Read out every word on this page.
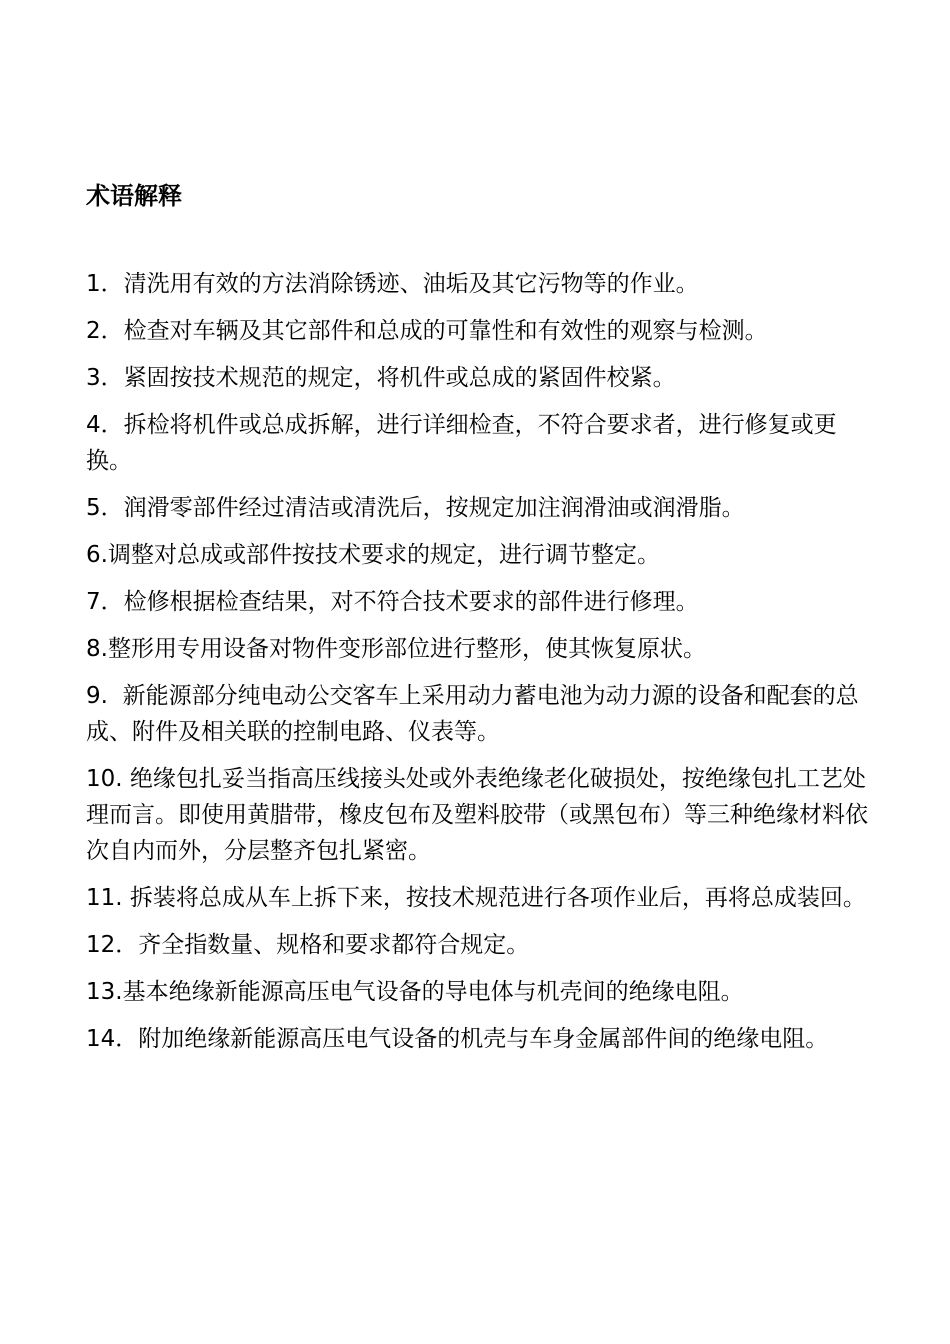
术语解释
1．清洗用有效的方法消除锈迹、油垢及其它污物等的作业。
2．检查对车辆及其它部件和总成的可靠性和有效性的观察与检测。
3．紧固按技术规范的规定，将机件或总成的紧固件校紧。
4．拆检将机件或总成拆解，进行详细检查，不符合要求者，进行修复或更换。
5．润滑零部件经过清洁或清洗后，按规定加注润滑油或润滑脂。
6.调整对总成或部件按技术要求的规定，进行调节整定。
7．检修根据检查结果，对不符合技术要求的部件进行修理。
8.整形用专用设备对物件变形部位进行整形，使其恢复原状。
9.  新能源部分纯电动公交客车上采用动力蓄电池为动力源的设备和配套的总成、附件及相关联的控制电路、仪表等。
10. 绝缘包扎妥当指高压线接头处或外表绝缘老化破损处，按绝缘包扎工艺处理而言。即使用黄腊带，橡皮包布及塑料胶带（或黑包布）等三种绝缘材料依次自内而外，分层整齐包扎紧密。
11. 拆装将总成从车上拆下来，按技术规范进行各项作业后，再将总成装回。
12．齐全指数量、规格和要求都符合规定。
13.基本绝缘新能源高压电气设备的导电体与机壳间的绝缘电阻。
14．附加绝缘新能源高压电气设备的机壳与车身金属部件间的绝缘电阻。
